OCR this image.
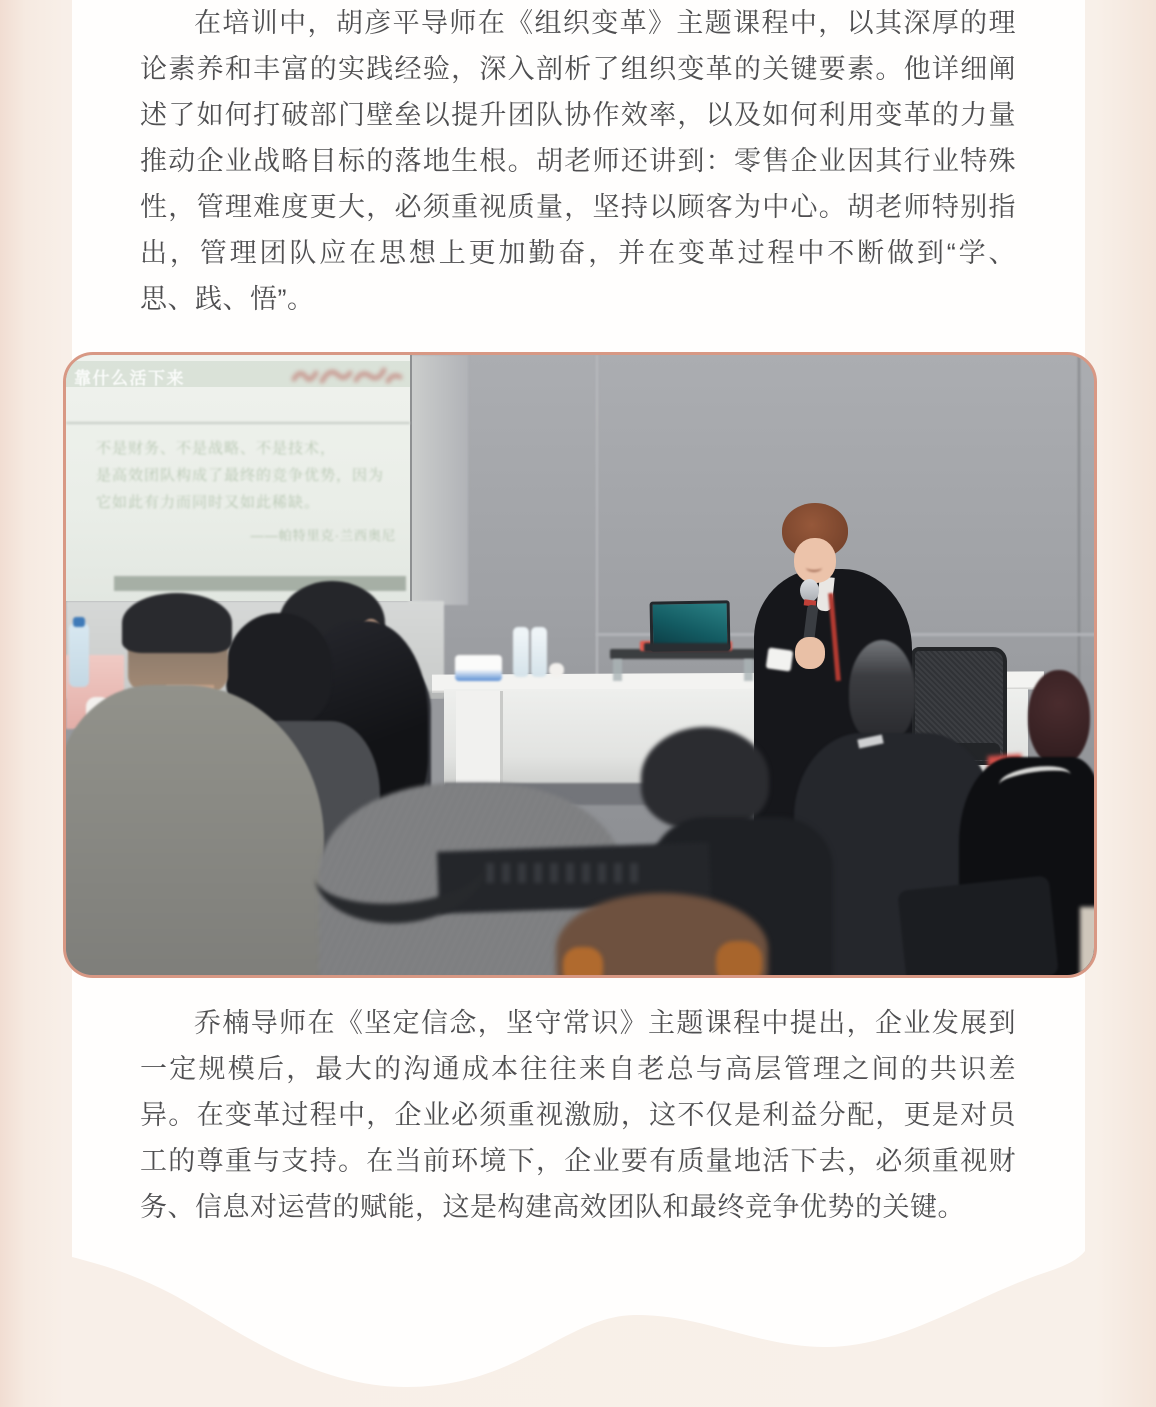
在培训中，胡彦平导师在《组织变革》主题课程中，以其深厚的理
论素养和丰富的实践经验，深入剖析了组织变革的关键要素。他详细阐
述了如何打破部门壁垒以提升团队协作效率，以及如何利用变革的力量
推动企业战略目标的落地生根。胡老师还讲到：零售企业因其行业特殊
性，管理难度更大，必须重视质量，坚持以顾客为中心。胡老师特别指
出，管理团队应在思想上更加勤奋，并在变革过程中不断做到“学、
思、践、悟”。
靠什么活下来
不是财务、不是战略、不是技术，
是高效团队构成了最终的竞争优势，因为
它如此有力而同时又如此稀缺。
——帕特里克·兰西奥尼
乔楠导师在《坚定信念，坚守常识》主题课程中提出，企业发展到
一定规模后，最大的沟通成本往往来自老总与高层管理之间的共识差
异。在变革过程中，企业必须重视激励，这不仅是利益分配，更是对员
工的尊重与支持。在当前环境下，企业要有质量地活下去，必须重视财
务、信息对运营的赋能，这是构建高效团队和最终竞争优势的关键。
